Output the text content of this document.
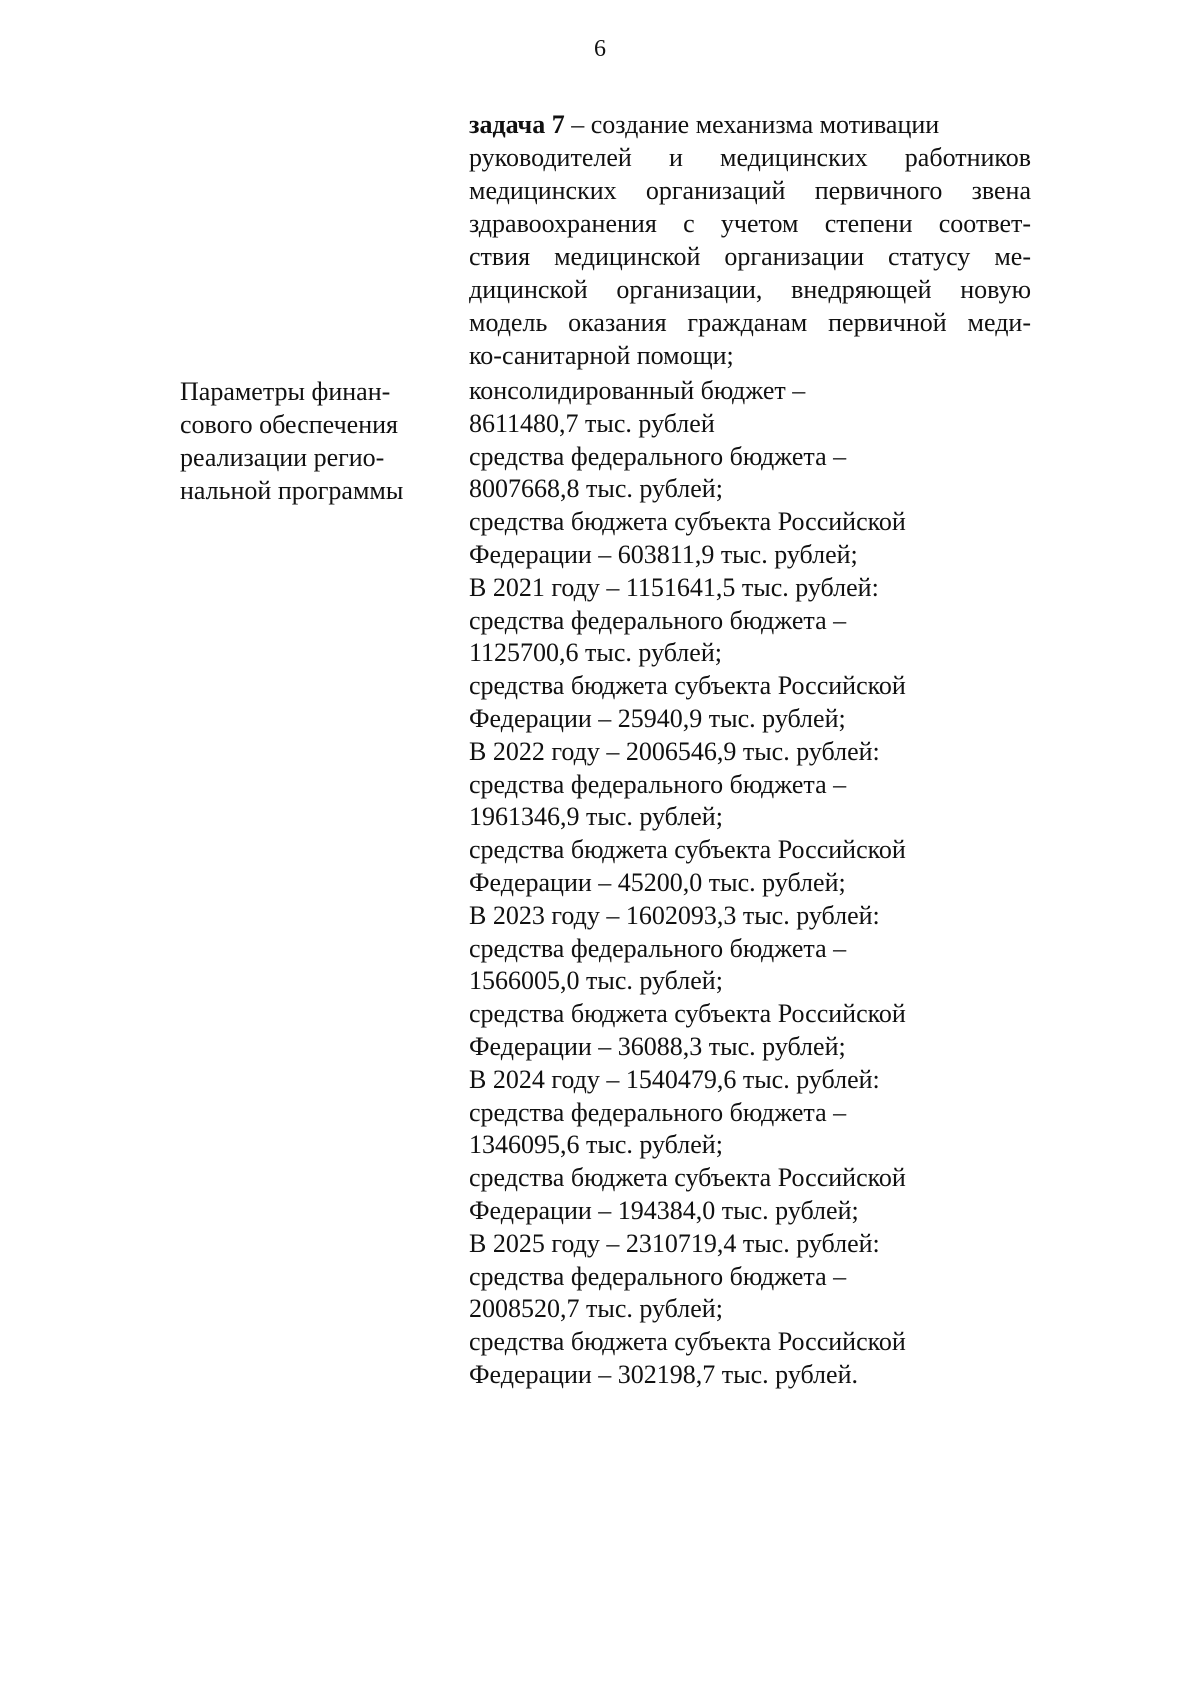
6
задача 7 – создание механизма мотивации
руководителей и медицинских работников
медицинских организаций первичного звена
здравоохранения с учетом степени соответ-
ствия медицинской организации статусу ме-
дицинской организации, внедряющей новую
модель оказания гражданам первичной меди-
ко-санитарной помощи;
Параметры финан-
сового обеспечения
реализации регио-
нальной программы
консолидированный бюджет –
8611480,7 тыс. рублей
средства федерального бюджета –
8007668,8 тыс. рублей;
средства бюджета субъекта Российской
Федерации – 603811,9 тыс. рублей;
В 2021 году – 1151641,5 тыс. рублей:
средства федерального бюджета –
1125700,6 тыс. рублей;
средства бюджета субъекта Российской
Федерации – 25940,9 тыс. рублей;
В 2022 году – 2006546,9 тыс. рублей:
средства федерального бюджета –
1961346,9 тыс. рублей;
средства бюджета субъекта Российской
Федерации – 45200,0 тыс. рублей;
В 2023 году – 1602093,3 тыс. рублей:
средства федерального бюджета –
1566005,0 тыс. рублей;
средства бюджета субъекта Российской
Федерации – 36088,3 тыс. рублей;
В 2024 году – 1540479,6 тыс. рублей:
средства федерального бюджета –
1346095,6 тыс. рублей;
средства бюджета субъекта Российской
Федерации – 194384,0 тыс. рублей;
В 2025 году – 2310719,4 тыс. рублей:
средства федерального бюджета –
2008520,7 тыс. рублей;
средства бюджета субъекта Российской
Федерации – 302198,7 тыс. рублей.
